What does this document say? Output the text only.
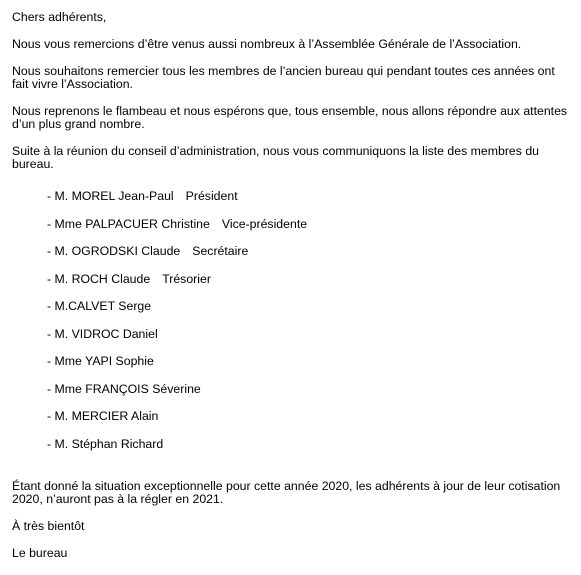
Chers adhérents,

Nous vous remercions d’être venus aussi nombreux à l’Assemblée Générale de l’Association.

Nous souhaitons remercier tous les membres de l’ancien bureau qui pendant toutes ces années ont fait vivre l’Association.

Nous reprenons le flambeau et nous espérons que, tous ensemble, nous allons répondre aux attentes d’un plus grand nombre.

Suite à la réunion du conseil d’administration, nous vous communiquons la liste des membres du bureau.

- M. MOREL Jean-Paul Président
- Mme PALPACUER Christine Vice-présidente
- M. OGRODSKI Claude Secrétaire
- M. ROCH Claude Trésorier
- M.CALVET Serge
- M. VIDROC Daniel
- Mme YAPI Sophie
- Mme FRANÇOIS Séverine
- M. MERCIER Alain
- M. Stéphan Richard

Étant donné la situation exceptionnelle pour cette année 2020, les adhérents à jour de leur cotisation 2020, n’auront pas à la régler en 2021.

À très bientôt

Le bureau
